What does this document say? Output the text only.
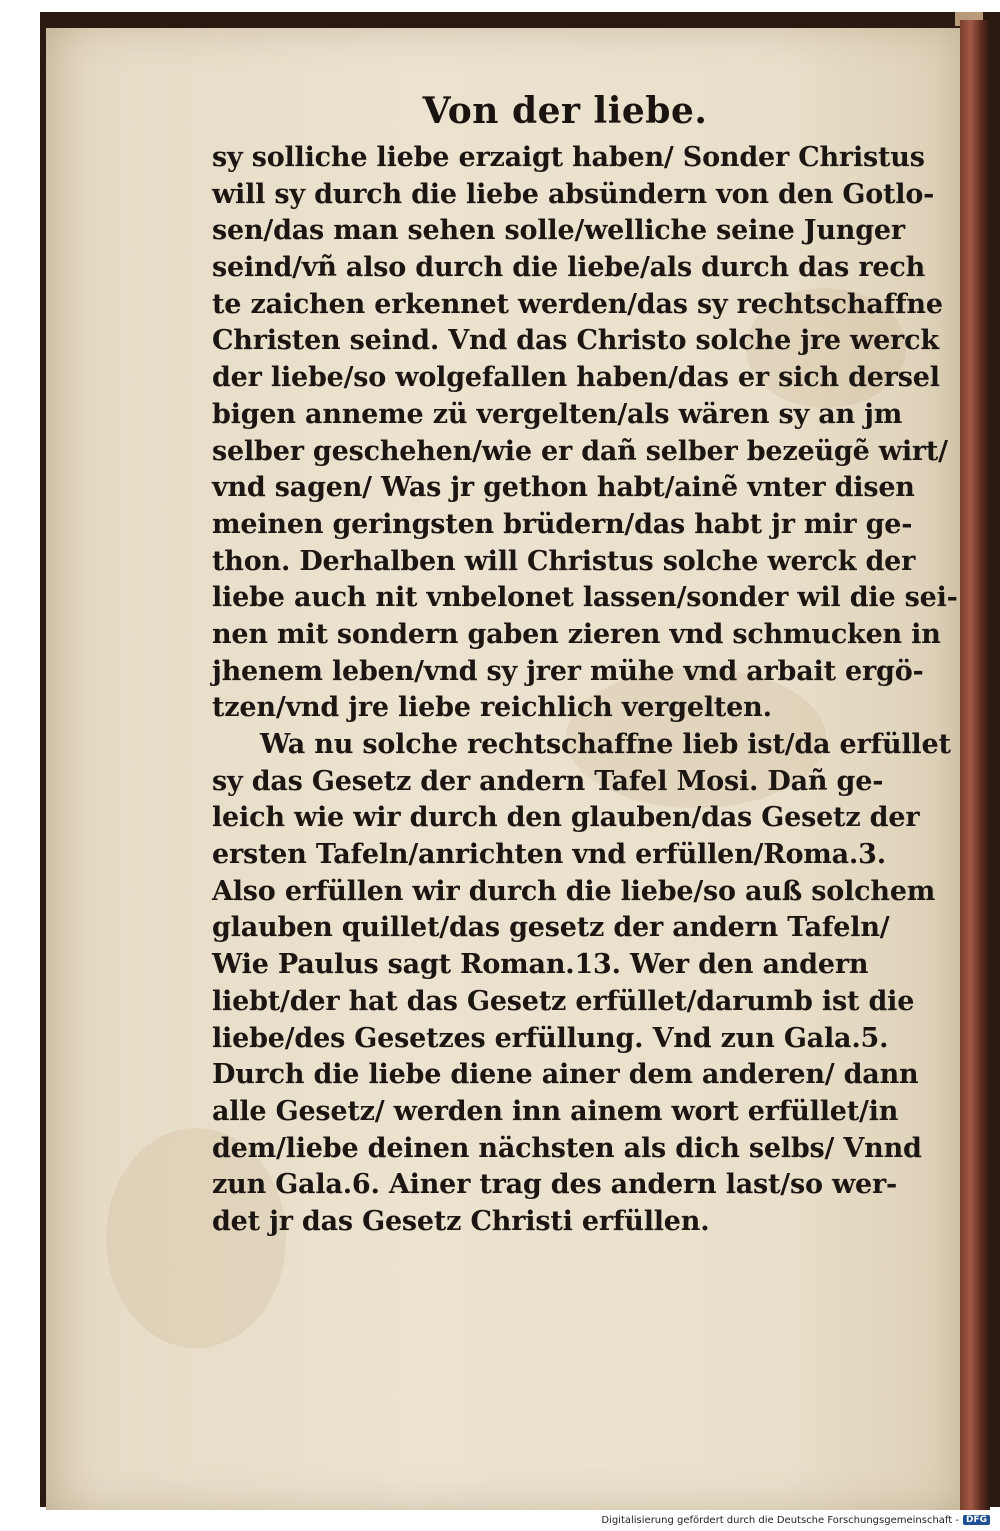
Von der liebe.
sy solliche liebe erzaigt haben/ Sonder Christus
will sy durch die liebe absündern von den Gotlo-
sen/das man sehen solle/welliche seine Junger
seind/vñ also durch die liebe/als durch das rech
te zaichen erkennet werden/das sy rechtschaffne
Christen seind. Vnd das Christo solche jre werck
der liebe/so wolgefallen haben/das er sich dersel
bigen anneme zü vergelten/als wären sy an jm
selber geschehen/wie er dañ selber bezeügẽ wirt/
vnd sagen/ Was jr gethon habt/ainẽ vnter disen
meinen geringsten brüdern/das habt jr mir ge-
thon. Derhalben will Christus solche werck der
liebe auch nit vnbelonet lassen/sonder wil die sei-
nen mit sondern gaben zieren vnd schmucken in
jhenem leben/vnd sy jrer mühe vnd arbait ergö-
tzen/vnd jre liebe reichlich vergelten.
Wa nu solche rechtschaffne lieb ist/da erfüllet
sy das Gesetz der andern Tafel Mosi. Dañ ge-
leich wie wir durch den glauben/das Gesetz der
ersten Tafeln/anrichten vnd erfüllen/Roma.3.
Also erfüllen wir durch die liebe/so auß solchem
glauben quillet/das gesetz der andern Tafeln/
Wie Paulus sagt Roman.13. Wer den andern
liebt/der hat das Gesetz erfüllet/darumb ist die
liebe/des Gesetzes erfüllung. Vnd zun Gala.5.
Durch die liebe diene ainer dem anderen/ dann
alle Gesetz/ werden inn ainem wort erfüllet/in
dem/liebe deinen nächsten als dich selbs/ Vnnd
zun Gala.6. Ainer trag des andern last/so wer-
det jr das Gesetz Christi erfüllen.
Digitalisierung gefördert durch die Deutsche Forschungsgemeinschaft - DFG
